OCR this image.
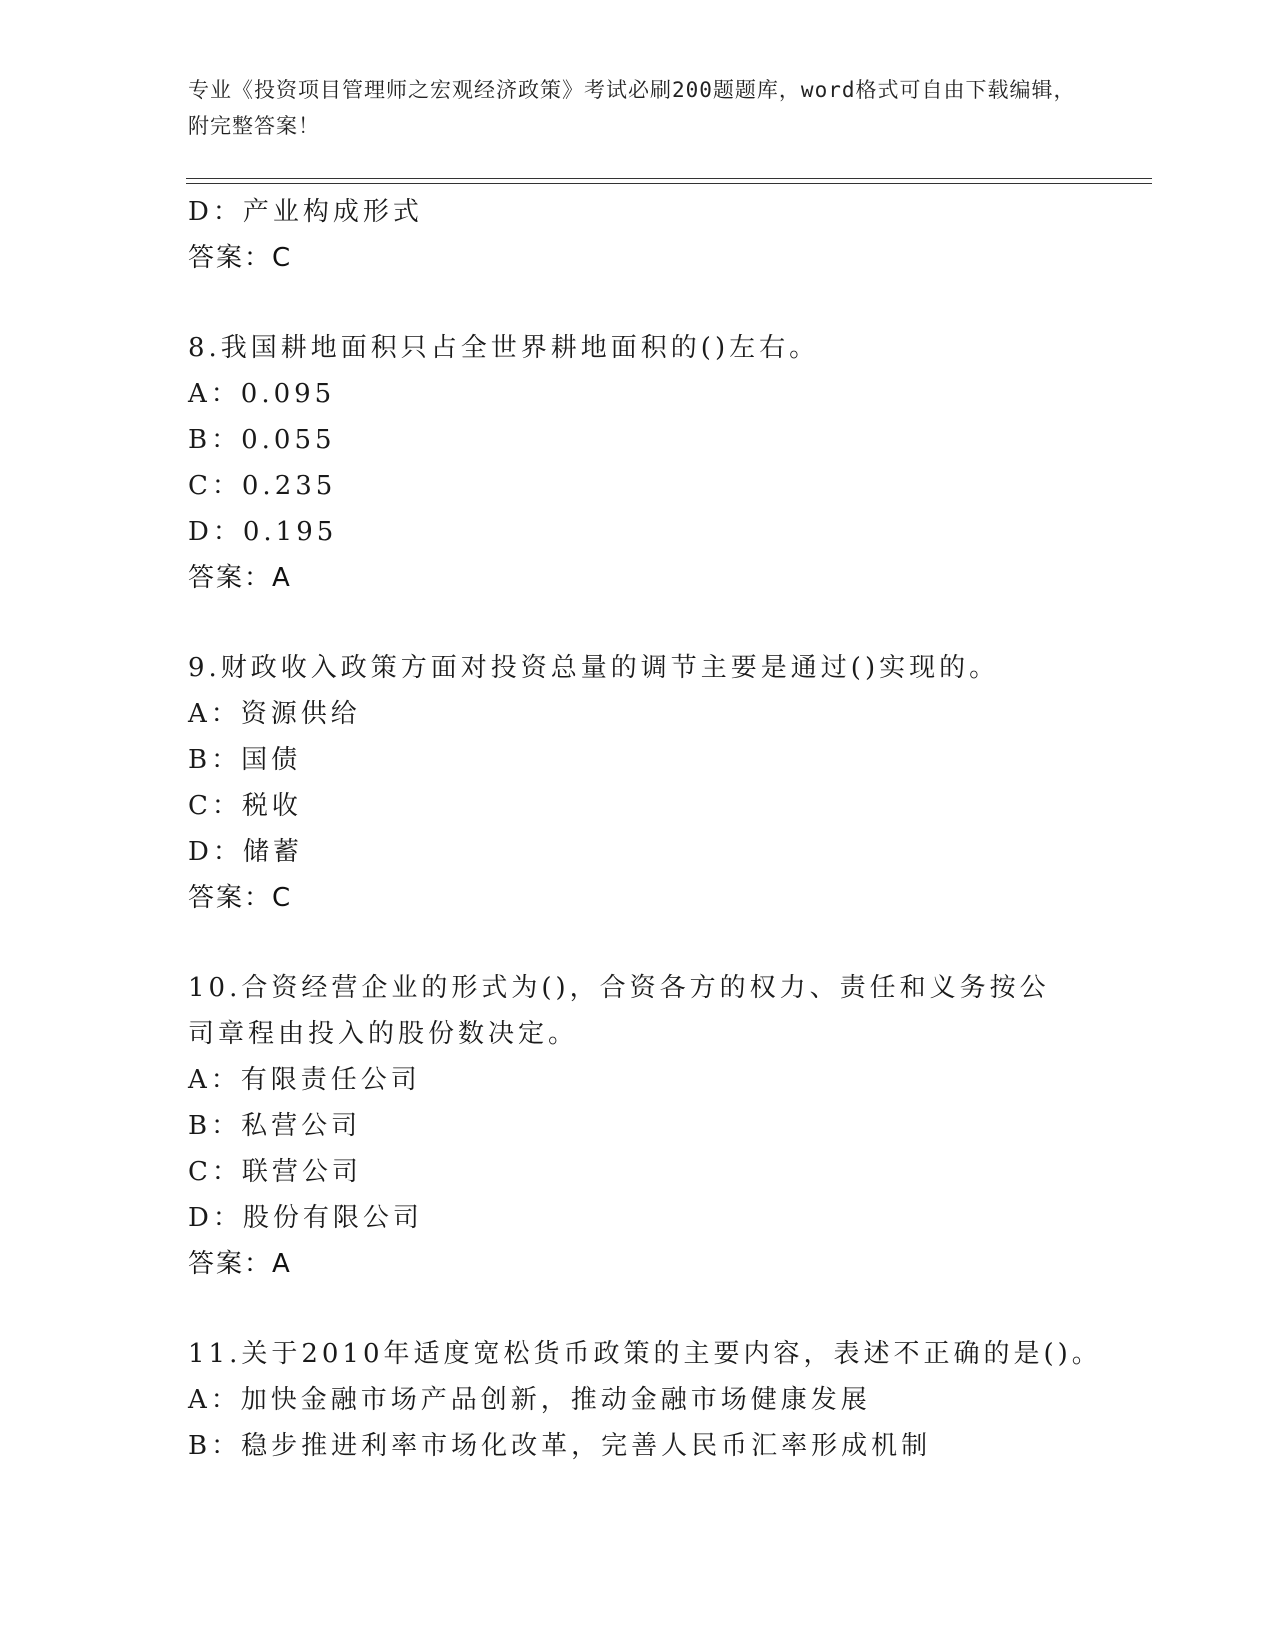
专业《投资项目管理师之宏观经济政策》考试必刷200题题库，word格式可自由下载编辑，附完整答案！
D：产业构成形式
答案：C
8.我国耕地面积只占全世界耕地面积的()左右。
A：0.095
B：0.055
C：0.235
D：0.195
答案：A
9.财政收入政策方面对投资总量的调节主要是通过()实现的。
A：资源供给
B：国债
C：税收
D：储蓄
答案：C
10.合资经营企业的形式为()，合资各方的权力、责任和义务按公司章程由投入的股份数决定。
A：有限责任公司
B：私营公司
C：联营公司
D：股份有限公司
答案：A
11.关于2010年适度宽松货币政策的主要内容，表述不正确的是()。
A：加快金融市场产品创新，推动金融市场健康发展
B：稳步推进利率市场化改革，完善人民币汇率形成机制
